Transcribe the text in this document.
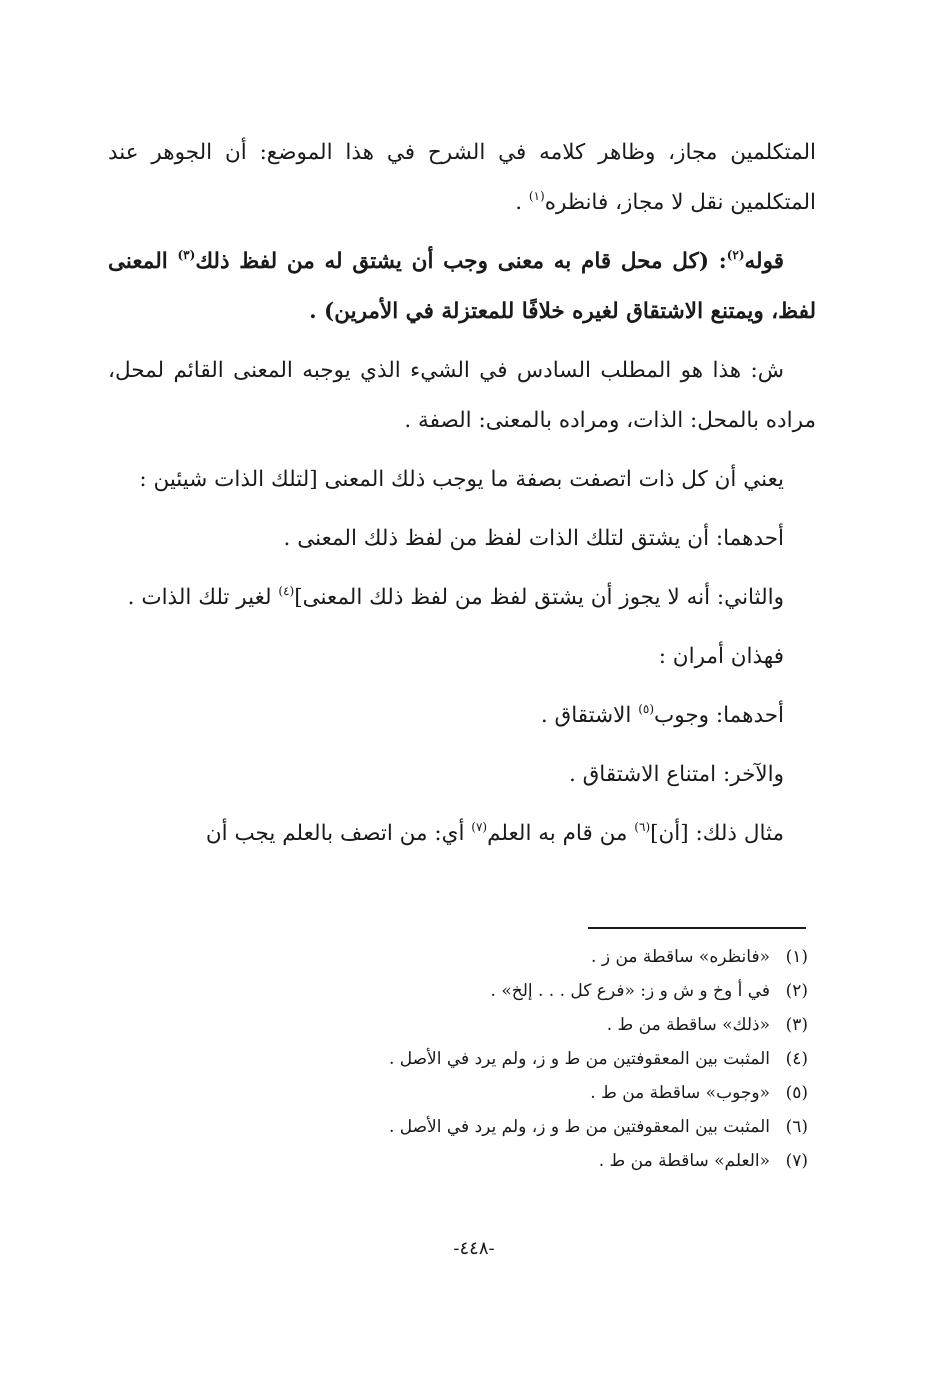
المتكلمين مجاز، وظاهر كلامه في الشرح في هذا الموضع: أن الجوهر عند المتكلمين نقل لا مجاز، فانظره$^{(١)}$ .

قوله$^{(٢)}$: (كل محل قام به معنى وجب أن يشتق له من لفظ ذلك$^{(٣)}$ المعنى لفظ، ويمتنع الاشتقاق لغيره خلافًا للمعتزلة في الأمرين) .

ش: هذا هو المطلب السادس في الشيء الذي يوجبه المعنى القائم لمحل، مراده بالمحل: الذات، ومراده بالمعنى: الصفة .

يعني أن كل ذات اتصفت بصفة ما يوجب ذلك المعنى [لتلك الذات شيئين :

أحدهما: أن يشتق لتلك الذات لفظ من لفظ ذلك المعنى .

والثاني: أنه لا يجوز أن يشتق لفظ من لفظ ذلك المعنى]$^{(٤)}$ لغير تلك الذات .

فهذان أمران :

أحدهما: وجوب$^{(٥)}$ الاشتقاق .

والآخر: امتناع الاشتقاق .

مثال ذلك: [أن]$^{(٦)}$ من قام به العلم$^{(٧)}$ أي: من اتصف بالعلم يجب أن

(١)«فانظره» ساقطة من ز .
(٢)في أ وخ و ش و ز: «فرع كل . . . إلخ» .
(٣)«ذلك» ساقطة من ط .
(٤)المثبت بين المعقوفتين من ط و ز، ولم يرد في الأصل .
(٥)«وجوب» ساقطة من ط .
(٦)المثبت بين المعقوفتين من ط و ز، ولم يرد في الأصل .
(٧)«العلم» ساقطة من ط .
-٤٤٨-
